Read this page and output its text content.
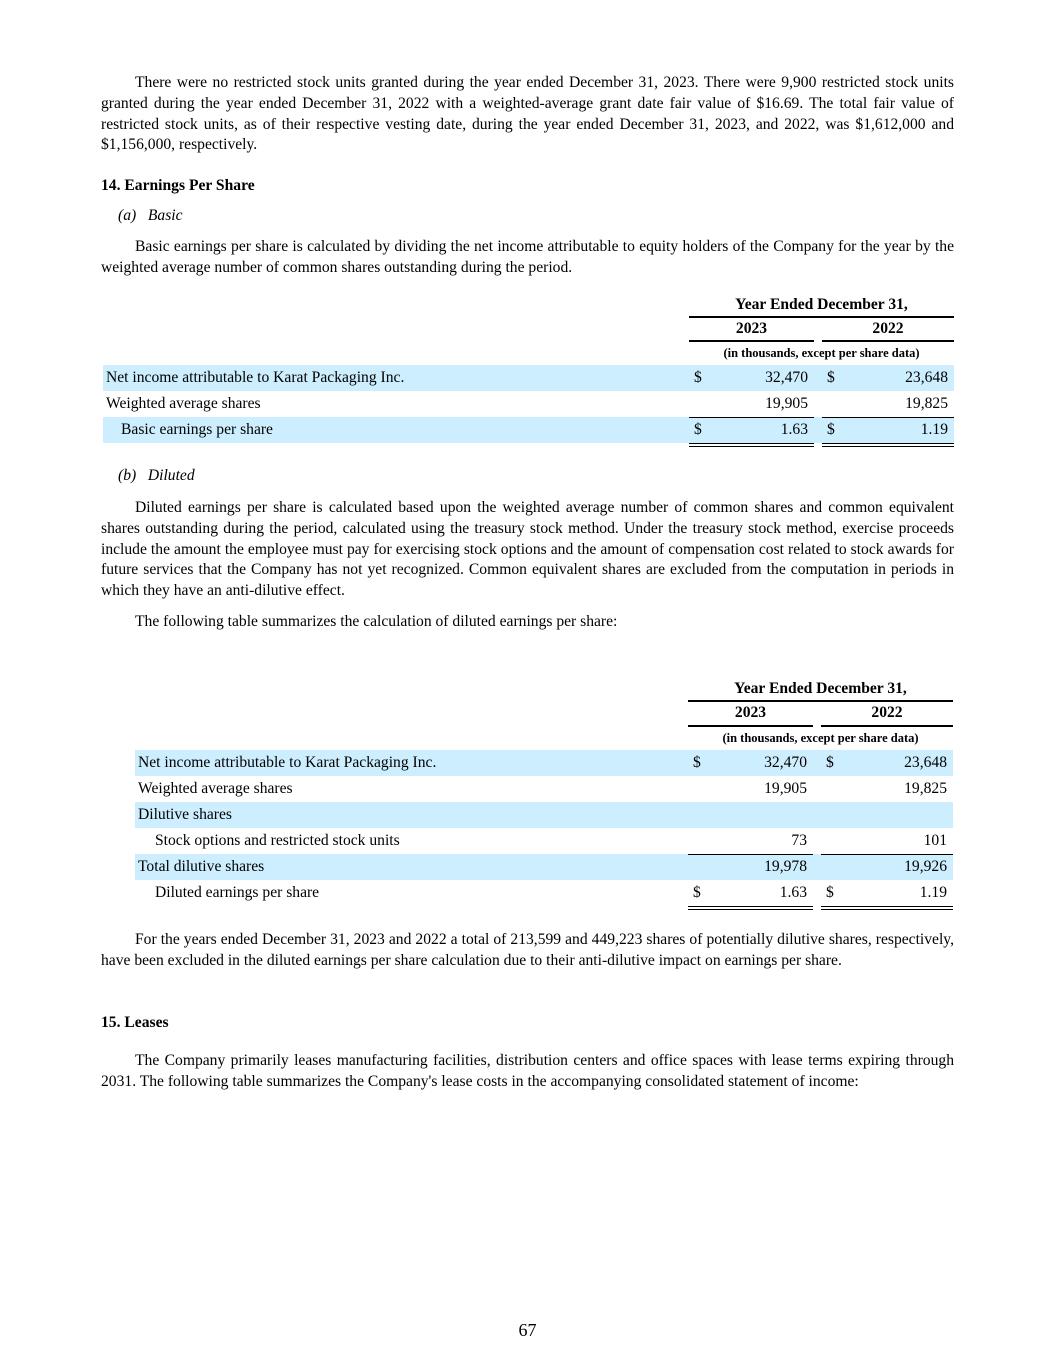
There were no restricted stock units granted during the year ended December 31, 2023. There were 9,900 restricted stock units granted during the year ended December 31, 2022 with a weighted-average grant date fair value of $16.69. The total fair value of restricted stock units, as of their respective vesting date, during the year ended December 31, 2023, and 2022, was $1,612,000 and $1,156,000, respectively.

14. Earnings Per Share
(a)   Basic

Basic earnings per share is calculated by dividing the net income attributable to equity holders of the Company for the year by the weighted average number of common shares outstanding during the period.

Year Ended December 31,
2023	2022
(in thousands, except per share data)
Net income attributable to Karat Packaging Inc.	$	32,470 $	23,648
Weighted average shares	19,905	19,825
Basic earnings per share	$	1.63 $	1.19
(b)   Diluted

Diluted earnings per share is calculated based upon the weighted average number of common shares and common equivalent shares outstanding during the period, calculated using the treasury stock method. Under the treasury stock method, exercise proceeds include the amount the employee must pay for exercising stock options and the amount of compensation cost related to stock awards for future services that the Company has not yet recognized. Common equivalent shares are excluded from the computation in periods in which they have an anti-dilutive effect.

The following table summarizes the calculation of diluted earnings per share:

Year Ended December 31,
2023	2022
(in thousands, except per share data)
Net income attributable to Karat Packaging Inc.	$	32,470 $	23,648
Weighted average shares	19,905	19,825
Dilutive shares
Stock options and restricted stock units	73	101
Total dilutive shares	19,978	19,926
Diluted earnings per share	$	1.63 $	1.19

For the years ended December 31, 2023 and 2022 a total of 213,599 and 449,223 shares of potentially dilutive shares, respectively, have been excluded in the diluted earnings per share calculation due to their anti-dilutive impact on earnings per share.

15. Leases

The Company primarily leases manufacturing facilities, distribution centers and office spaces with lease terms expiring through 2031. The following table summarizes the Company's lease costs in the accompanying consolidated statement of income:

67
